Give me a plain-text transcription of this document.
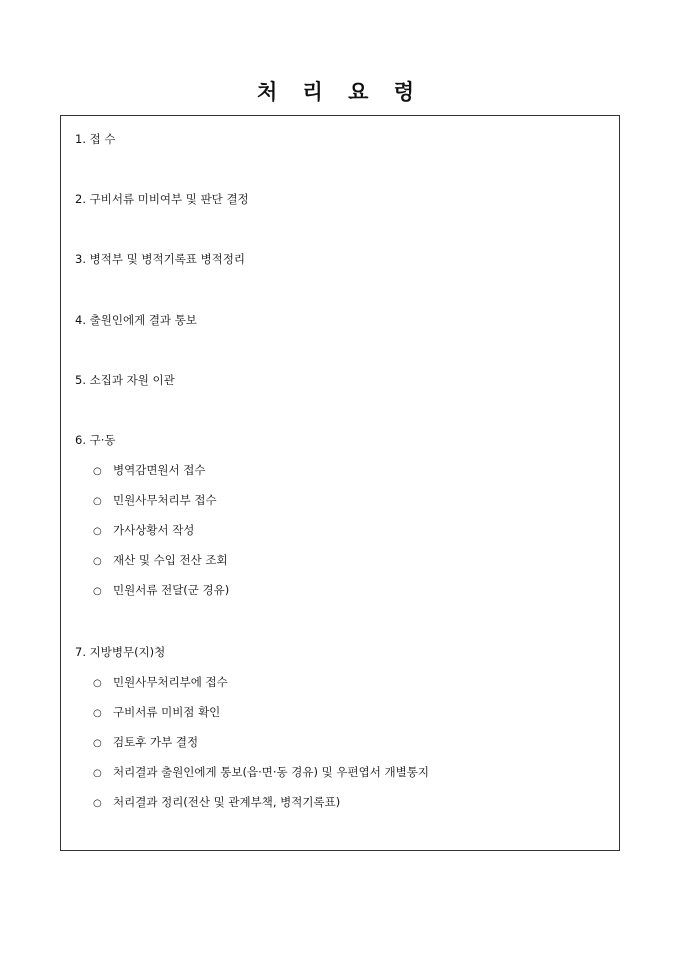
처 리 요 령
1. 접 수
2. 구비서류 미비여부 및 판단 결정
3. 병적부 및 병적기록표 병적정리
4. 출원인에게 결과 통보
5. 소집과 자원 이관
6. 구·동
○ 병역감면원서 접수
○ 민원사무처리부 접수
○ 가사상황서 작성
○ 재산 및 수입 전산 조회
○ 민원서류 전달(군 경유)
7. 지방병무(지)청
○ 민원사무처리부에 접수
○ 구비서류 미비점 확인
○ 검토후 가부 결정
○ 처리결과 출원인에게 통보(읍·면·동 경유) 및 우편엽서 개별통지
○ 처리결과 정리(전산 및 관계부책, 병적기록표)
